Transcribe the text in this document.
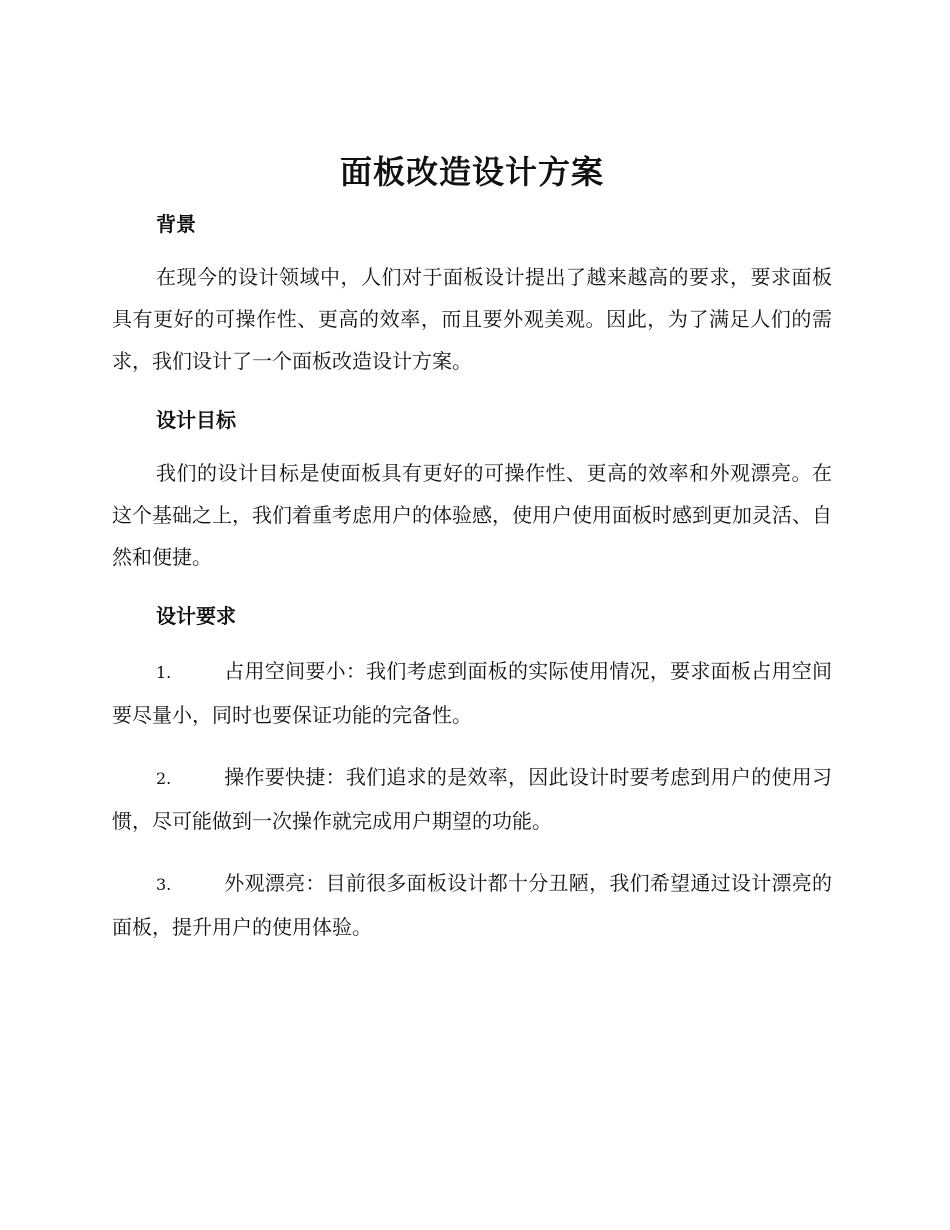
面板改造设计方案
背景

在现今的设计领域中，人们对于面板设计提出了越来越高的要求，要求面板具有更好的可操作性、更高的效率，而且要外观美观。因此，为了满足人们的需求，我们设计了一个面板改造设计方案。

设计目标

我们的设计目标是使面板具有更好的可操作性、更高的效率和外观漂亮。在这个基础之上，我们着重考虑用户的体验感，使用户使用面板时感到更加灵活、自然和便捷。

设计要求

1.	占用空间要小：我们考虑到面板的实际使用情况，要求面板占用空间要尽量小，同时也要保证功能的完备性。

2.	操作要快捷：我们追求的是效率，因此设计时要考虑到用户的使用习惯，尽可能做到一次操作就完成用户期望的功能。

3.	外观漂亮：目前很多面板设计都十分丑陋，我们希望通过设计漂亮的面板，提升用户的使用体验。
